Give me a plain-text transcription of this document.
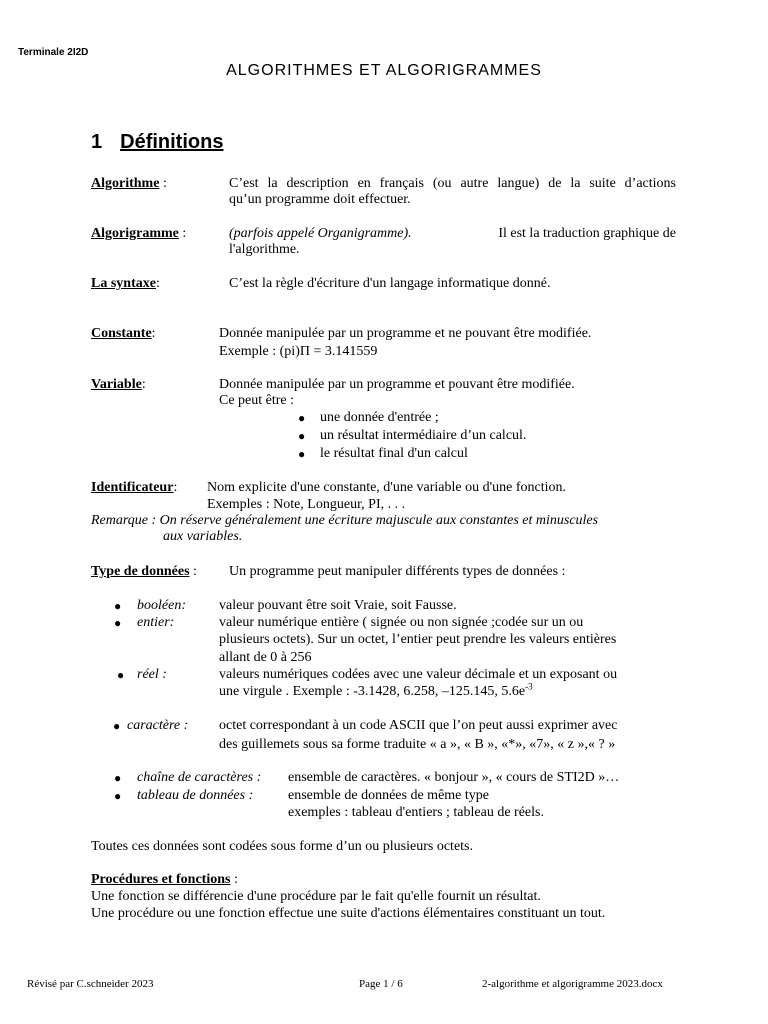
Terminale 2I2D
ALGORITHMES ET ALGORIGRAMMES
1 Définitions
Algorithme :	C’est la description en français (ou autre langue) de la suite d’actions
qu’un programme doit effectuer.
Algorigramme :	(parfois appelé Organigramme).	Il est la traduction graphique de
l'algorithme.
La syntaxe:	C’est la règle d'écriture d'un langage informatique donné.
Constante:	Donnée manipulée par un programme et ne pouvant être modifiée.
Exemple : (pi)Π = 3.141559
Variable:	Donnée manipulée par un programme et pouvant être modifiée.
Ce peut être :
● une donnée d'entrée ;
● un résultat intermédiaire d’un calcul.
● le résultat final d'un calcul
Identificateur: Nom explicite d'une constante, d'une variable ou d'une fonction.
Exemples : Note, Longueur, PI, . . .
Remarque : On réserve généralement une écriture majuscule aux constantes et minuscules
aux variables.
Type de données : Un programme peut manipuler différents types de données :
● booléen: valeur pouvant être soit Vraie, soit Fausse.
● entier:	valeur numérique entière ( signée ou non signée ;codée sur un ou
plusieurs octets). Sur un octet, l’entier peut prendre les valeurs entières
allant de 0 à 256
● réel :	valeurs numériques codées avec une valeur décimale et un exposant ou
une virgule . Exemple : -3.1428, 6.258, –125.145, $5.6e^{-3}$
● caractère : octet correspondant à un code ASCII que l’on peut aussi exprimer avec
des guillemets sous sa forme traduite « a », « B », «*», «7», « z »,« ? »
● chaîne de caractères : ensemble de caractères. « bonjour », « cours de STI2D »…
● tableau de données : ensemble de données de même type
exemples : tableau d'entiers ; tableau de réels.
Toutes ces données sont codées sous forme d’un ou plusieurs octets.
Procédures et fonctions :
Une fonction se différencie d'une procédure par le fait qu'elle fournit un résultat.
Une procédure ou une fonction effectue une suite d'actions élémentaires constituant un tout.
Révisé par C.schneider 2023	Page 1 / 6	2-algorithme et algorigramme 2023.docx
